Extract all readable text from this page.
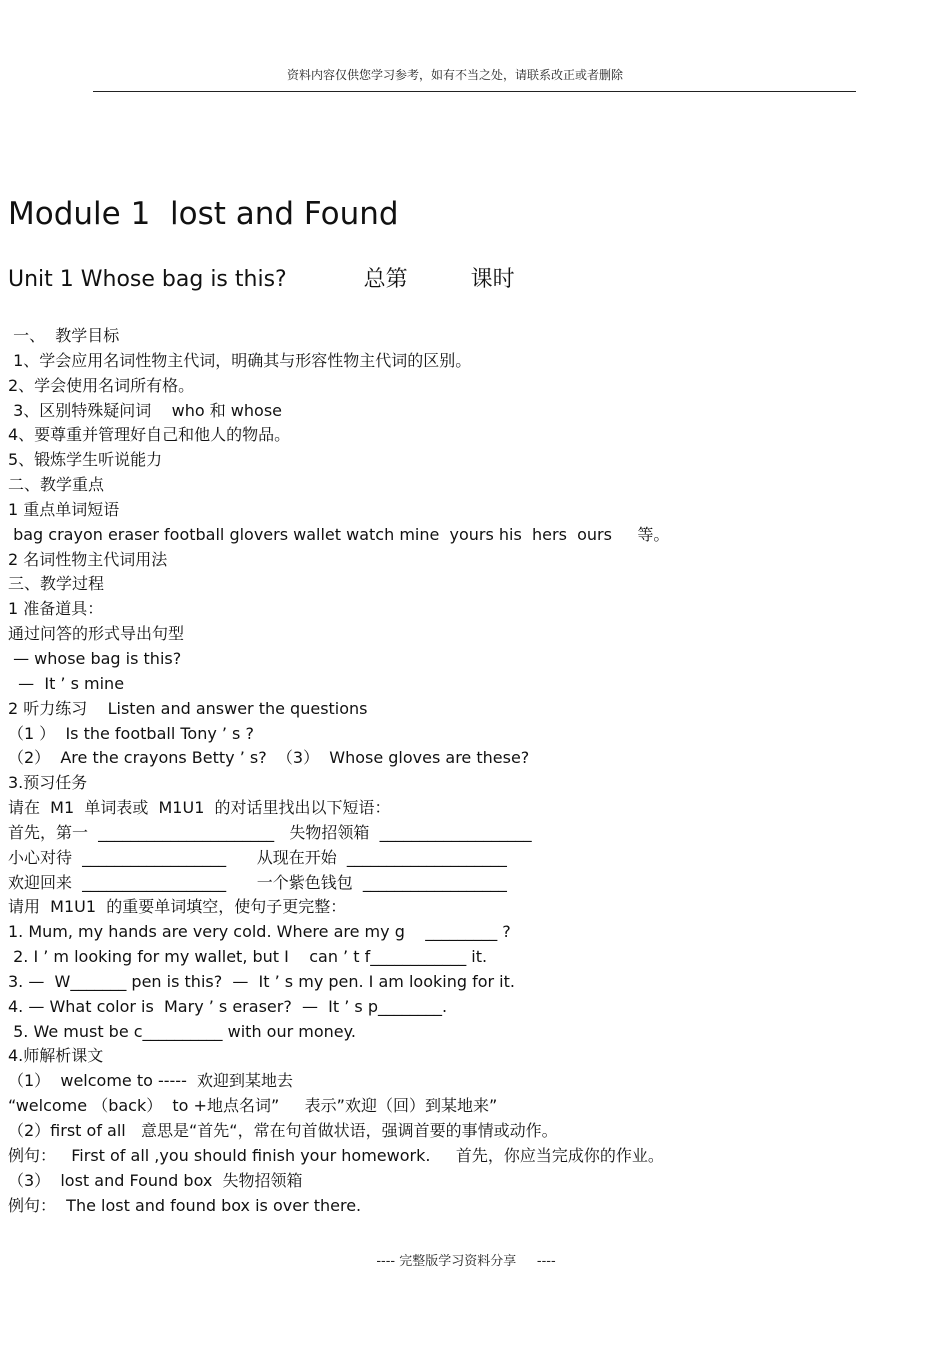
资料内容仅供您学习参考，如有不当之处，请联系改正或者删除
Module 1  lost and Found
Unit 1 Whose bag is this?           总第         课时
一、  教学目标
1、学会应用名词性物主代词，明确其与形容性物主代词的区别。
2、学会使用名词所有格。
3、区别特殊疑问词    who 和 whose
4、要尊重并管理好自己和他人的物品。
5、锻炼学生听说能力
二、教学重点
1 重点单词短语
bag crayon eraser football glovers wallet watch mine  yours his  hers  ours     等。
2 名词性物主代词用法
三、教学过程
1 准备道具：
通过问答的形式导出句型
— whose bag is this?
—  It ’ s mine
2 听力练习    Listen and answer the questions
（1 ）  Is the football Tony ’ s ?
（2）  Are the crayons Betty ’ s?  （3）  Whose gloves are these?
3.预习任务
请在  M1  单词表或  M1U1  的对话里找出以下短语：
首先，第一  ______________________   失物招领箱  ___________________
小心对待  __________________      从现在开始  ____________________
欢迎回来  __________________      一个紫色钱包  __________________
请用  M1U1  的重要单词填空，使句子更完整：
1. Mum, my hands are very cold. Where are my g    _________ ?
2. I ’ m looking for my wallet, but I    can ’ t f____________ it.
3. —  W_______ pen is this?  —  It ’ s my pen. I am looking for it.
4. — What color is  Mary ’ s eraser?  —  It ’ s p________.
5. We must be c__________ with our money.
4.师解析课文
（1）  welcome to -----  欢迎到某地去
“welcome （back）  to +地点名词”     表示”欢迎（回）到某地来”
（2）first of all   意思是“首先“，常在句首做状语，强调首要的事情或动作。
例句：   First of all ,you should finish your homework.     首先，你应当完成你的作业。
（3）  lost and Found box  失物招领箱
例句：  The lost and found box is over there.
---- 完整版学习资料分享     ----
